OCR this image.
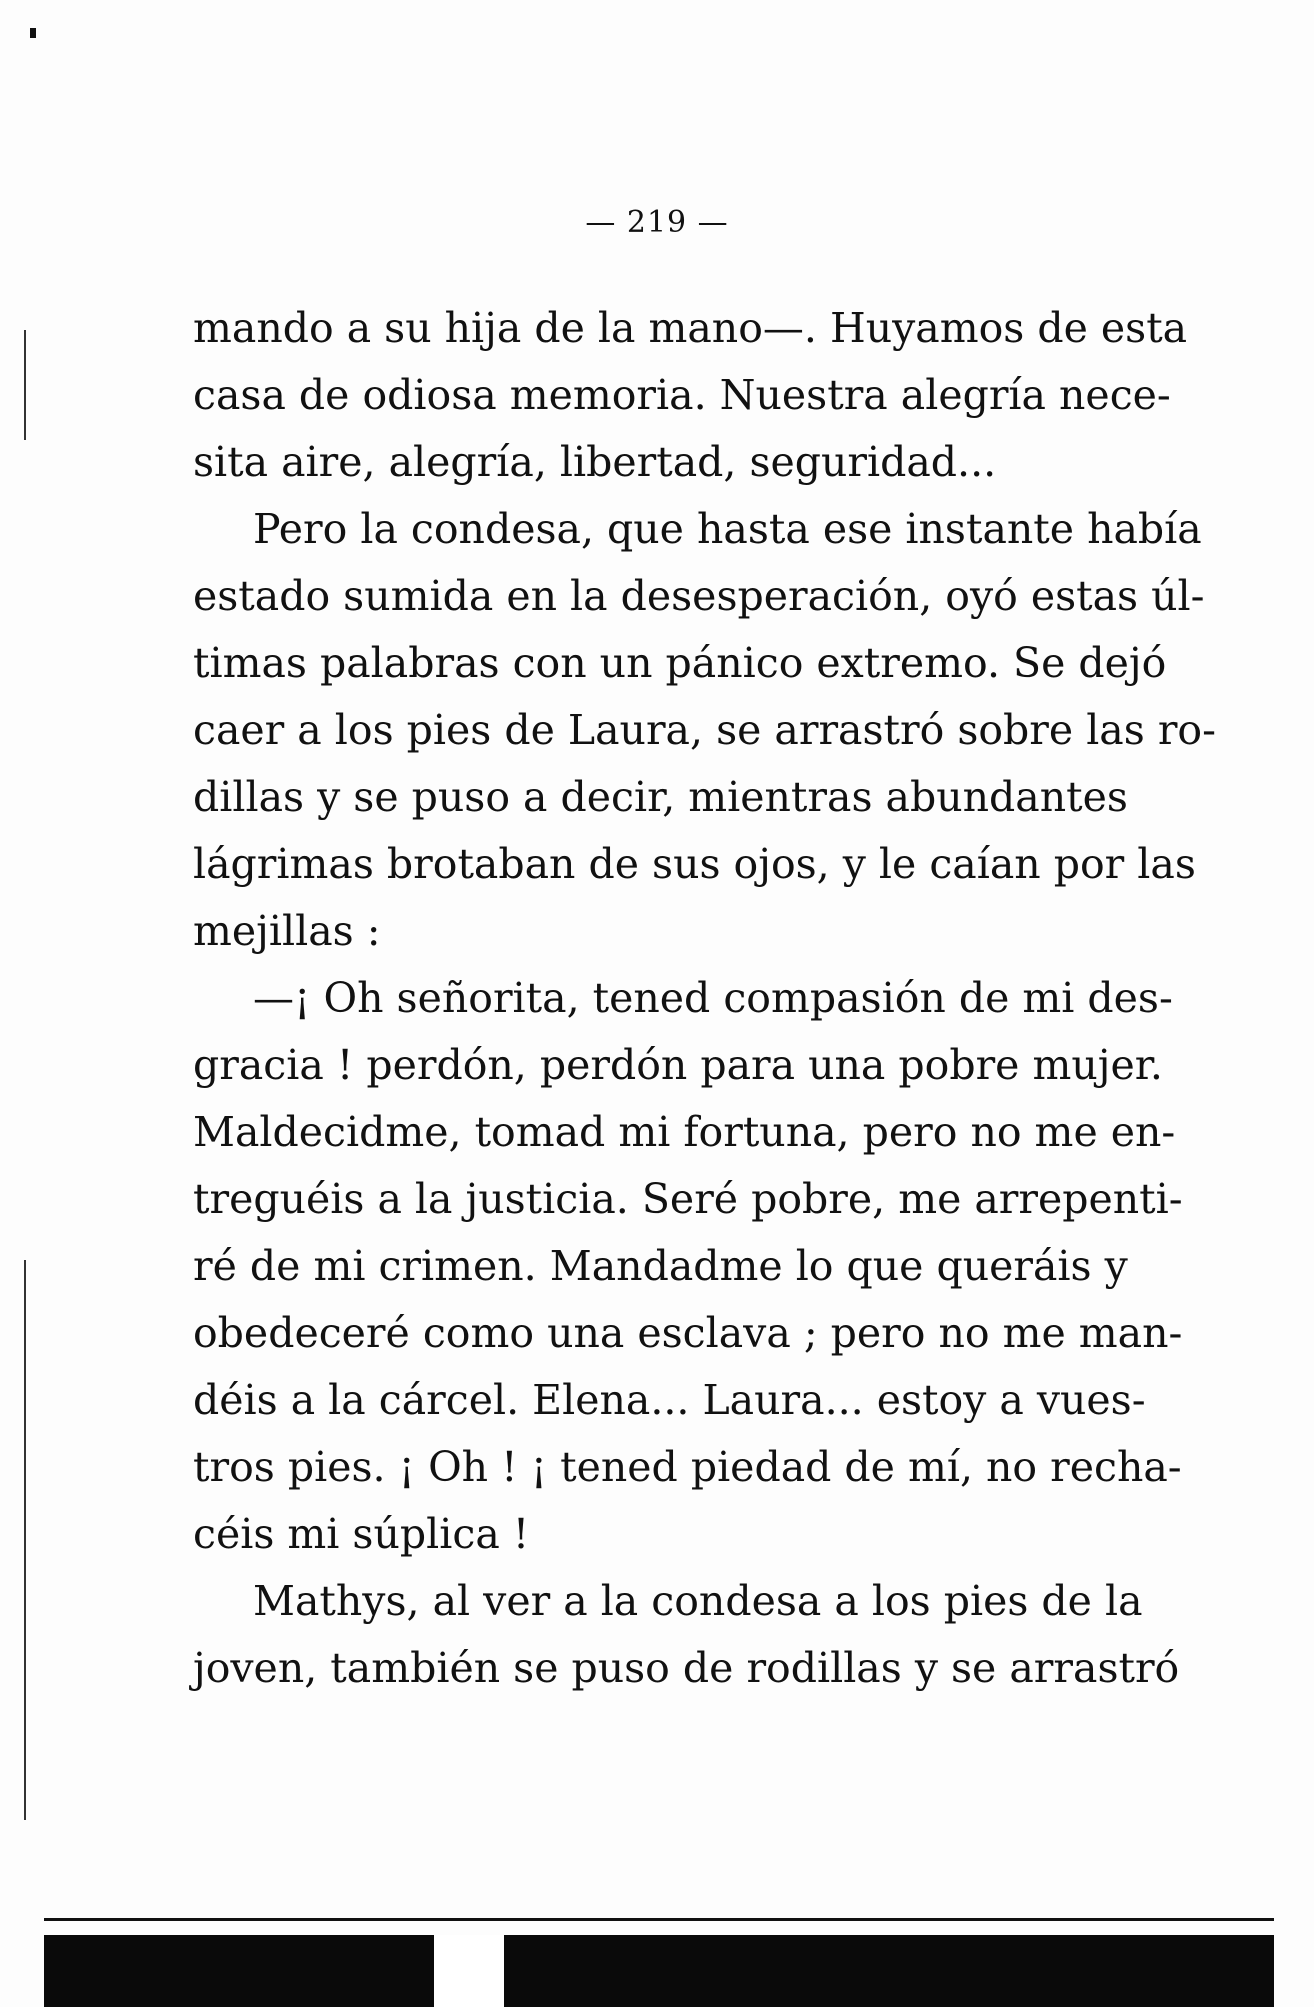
— 219 —
mando a su hija de la mano—. Huyamos de esta
casa de odiosa memoria. Nuestra alegría nece-
sita aire, alegría, libertad, seguridad...
Pero la condesa, que hasta ese instante había
estado sumida en la desesperación, oyó estas úl-
timas palabras con un pánico extremo. Se dejó
caer a los pies de Laura, se arrastró sobre las ro-
dillas y se puso a decir, mientras abundantes
lágrimas brotaban de sus ojos, y le caían por las
mejillas :
—¡ Oh señorita, tened compasión de mi des-
gracia ! perdón, perdón para una pobre mujer.
Maldecidme, tomad mi fortuna, pero no me en-
treguéis a la justicia. Seré pobre, me arrepenti-
ré de mi crimen. Mandadme lo que queráis y
obedeceré como una esclava ; pero no me man-
déis a la cárcel. Elena... Laura... estoy a vues-
tros pies. ¡ Oh ! ¡ tened piedad de mí, no recha-
céis mi súplica !
Mathys, al ver a la condesa a los pies de la
joven, también se puso de rodillas y se arrastró
